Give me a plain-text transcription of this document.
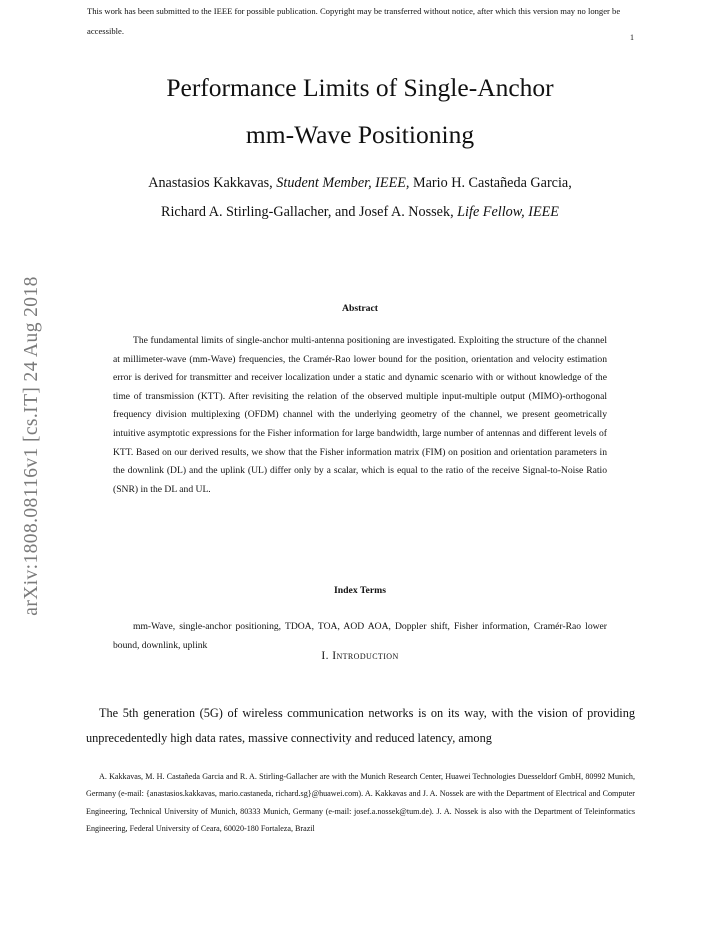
This work has been submitted to the IEEE for possible publication. Copyright may be transferred without notice, after which this version may no longer be accessible.
1
arXiv:1808.08116v1 [cs.IT] 24 Aug 2018
Performance Limits of Single-Anchor
mm-Wave Positioning
Anastasios Kakkavas, Student Member, IEEE, Mario H. Castañeda Garcia,
Richard A. Stirling-Gallacher, and Josef A. Nossek, Life Fellow, IEEE
Abstract

The fundamental limits of single-anchor multi-antenna positioning are investigated. Exploiting the structure of the channel at millimeter-wave (mm-Wave) frequencies, the Cramér-Rao lower bound for the position, orientation and velocity estimation error is derived for transmitter and receiver localization under a static and dynamic scenario with or without knowledge of the time of transmission (KTT). After revisiting the relation of the observed multiple input-multiple output (MIMO)-orthogonal frequency division multiplexing (OFDM) channel with the underlying geometry of the channel, we present geometrically intuitive asymptotic expressions for the Fisher information for large bandwidth, large number of antennas and different levels of KTT. Based on our derived results, we show that the Fisher information matrix (FIM) on position and orientation parameters in the downlink (DL) and the uplink (UL) differ only by a scalar, which is equal to the ratio of the receive Signal-to-Noise Ratio (SNR) in the DL and UL.

Index Terms

mm-Wave, single-anchor positioning, TDOA, TOA, AOD AOA, Doppler shift, Fisher information, Cramér-Rao lower bound, downlink, uplink

I. Introduction

The 5th generation (5G) of wireless communication networks is on its way, with the vision of providing unprecedentedly high data rates, massive connectivity and reduced latency, among

A. Kakkavas, M. H. Castañeda Garcia and R. A. Stirling-Gallacher are with the Munich Research Center, Huawei Technologies Duesseldorf GmbH, 80992 Munich, Germany (e-mail: {anastasios.kakkavas, mario.castaneda, richard.sg}@huawei.com). A. Kakkavas and J. A. Nossek are with the Department of Electrical and Computer Engineering, Technical University of Munich, 80333 Munich, Germany (e-mail: josef.a.nossek@tum.de). J. A. Nossek is also with the Department of Teleinformatics Engineering, Federal University of Ceara, 60020-180 Fortaleza, Brazil
